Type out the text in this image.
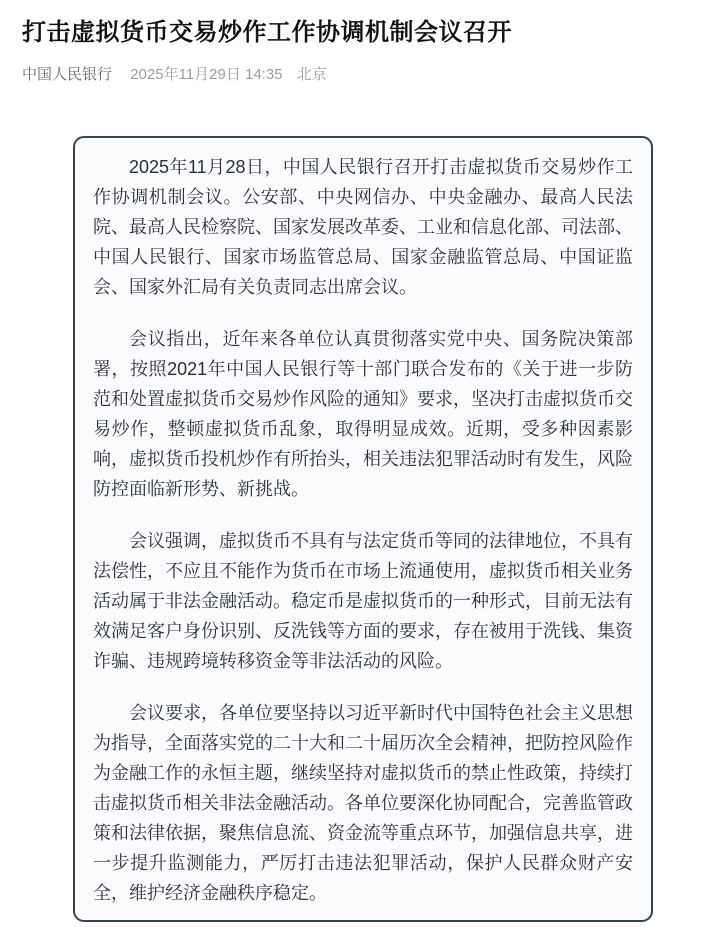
打击虚拟货币交易炒作工作协调机制会议召开
中国人民银行 2025年11月29日 14:35 北京

2025年11月28日，中国人民银行召开打击虚拟货币交易炒作工作协调机制会议。公安部、中央网信办、中央金融办、最高人民法院、最高人民检察院、国家发展改革委、工业和信息化部、司法部、中国人民银行、国家市场监管总局、国家金融监管总局、中国证监会、国家外汇局有关负责同志出席会议。

会议指出，近年来各单位认真贯彻落实党中央、国务院决策部署，按照2021年中国人民银行等十部门联合发布的《关于进一步防范和处置虚拟货币交易炒作风险的通知》要求，坚决打击虚拟货币交易炒作，整顿虚拟货币乱象，取得明显成效。近期，受多种因素影响，虚拟货币投机炒作有所抬头，相关违法犯罪活动时有发生，风险防控面临新形势、新挑战。

会议强调，虚拟货币不具有与法定货币等同的法律地位，不具有法偿性，不应且不能作为货币在市场上流通使用，虚拟货币相关业务活动属于非法金融活动。稳定币是虚拟货币的一种形式，目前无法有效满足客户身份识别、反洗钱等方面的要求，存在被用于洗钱、集资诈骗、违规跨境转移资金等非法活动的风险。

会议要求，各单位要坚持以习近平新时代中国特色社会主义思想为指导，全面落实党的二十大和二十届历次全会精神，把防控风险作为金融工作的永恒主题，继续坚持对虚拟货币的禁止性政策，持续打击虚拟货币相关非法金融活动。各单位要深化协同配合，完善监管政策和法律依据，聚焦信息流、资金流等重点环节，加强信息共享，进一步提升监测能力，严厉打击违法犯罪活动，保护人民群众财产安全，维护经济金融秩序稳定。
